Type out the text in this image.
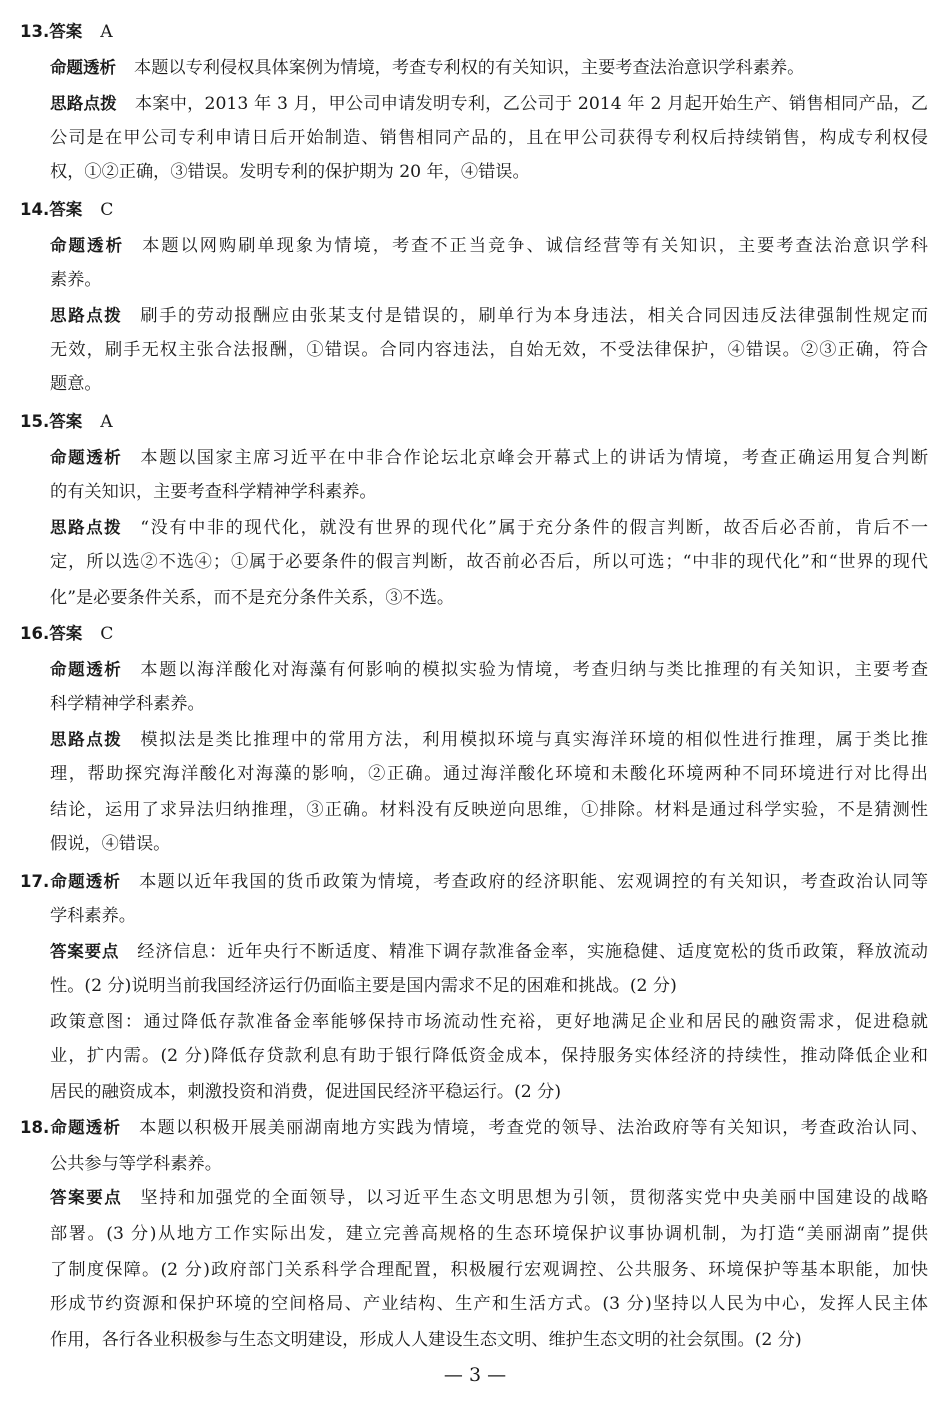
13.答案 A
命题透析 本题以专利侵权具体案例为情境，考查专利权的有关知识，主要考查法治意识学科素养。
思路点拨 本案中，2013 年 3 月，甲公司申请发明专利，乙公司于 2014 年 2 月起开始生产、销售相同产品，乙
公司是在甲公司专利申请日后开始制造、销售相同产品的，且在甲公司获得专利权后持续销售，构成专利权侵
权，①②正确，③错误。发明专利的保护期为 20 年，④错误。
14.答案 C
命题透析 本题以网购刷单现象为情境，考查不正当竞争、诚信经营等有关知识，主要考查法治意识学科
素养。
思路点拨 刷手的劳动报酬应由张某支付是错误的，刷单行为本身违法，相关合同因违反法律强制性规定而
无效，刷手无权主张合法报酬，①错误。合同内容违法，自始无效，不受法律保护，④错误。②③正确，符合
题意。
15.答案 A
命题透析 本题以国家主席习近平在中非合作论坛北京峰会开幕式上的讲话为情境，考查正确运用复合判断
的有关知识，主要考查科学精神学科素养。
思路点拨 “没有中非的现代化，就没有世界的现代化”属于充分条件的假言判断，故否后必否前，肯后不一
定，所以选②不选④；①属于必要条件的假言判断，故否前必否后，所以可选；“中非的现代化”和“世界的现代
化”是必要条件关系，而不是充分条件关系，③不选。
16.答案 C
命题透析 本题以海洋酸化对海藻有何影响的模拟实验为情境，考查归纳与类比推理的有关知识，主要考查
科学精神学科素养。
思路点拨 模拟法是类比推理中的常用方法，利用模拟环境与真实海洋环境的相似性进行推理，属于类比推
理，帮助探究海洋酸化对海藻的影响，②正确。通过海洋酸化环境和未酸化环境两种不同环境进行对比得出
结论，运用了求异法归纳推理，③正确。材料没有反映逆向思维，①排除。材料是通过科学实验，不是猜测性
假说，④错误。
17.命题透析 本题以近年我国的货币政策为情境，考查政府的经济职能、宏观调控的有关知识，考查政治认同等
学科素养。
答案要点 经济信息：近年央行不断适度、精准下调存款准备金率，实施稳健、适度宽松的货币政策，释放流动
性。(2 分)说明当前我国经济运行仍面临主要是国内需求不足的困难和挑战。(2 分)
政策意图：通过降低存款准备金率能够保持市场流动性充裕，更好地满足企业和居民的融资需求，促进稳就
业，扩内需。(2 分)降低存贷款利息有助于银行降低资金成本，保持服务实体经济的持续性，推动降低企业和
居民的融资成本，刺激投资和消费，促进国民经济平稳运行。(2 分)
18.命题透析 本题以积极开展美丽湖南地方实践为情境，考查党的领导、法治政府等有关知识，考查政治认同、
公共参与等学科素养。
答案要点 坚持和加强党的全面领导，以习近平生态文明思想为引领，贯彻落实党中央美丽中国建设的战略
部署。(3 分)从地方工作实际出发，建立完善高规格的生态环境保护议事协调机制，为打造“美丽湖南”提供
了制度保障。(2 分)政府部门关系科学合理配置，积极履行宏观调控、公共服务、环境保护等基本职能，加快
形成节约资源和保护环境的空间格局、产业结构、生产和生活方式。(3 分)坚持以人民为中心，发挥人民主体
作用，各行各业积极参与生态文明建设，形成人人建设生态文明、维护生态文明的社会氛围。(2 分)
— 3 —
